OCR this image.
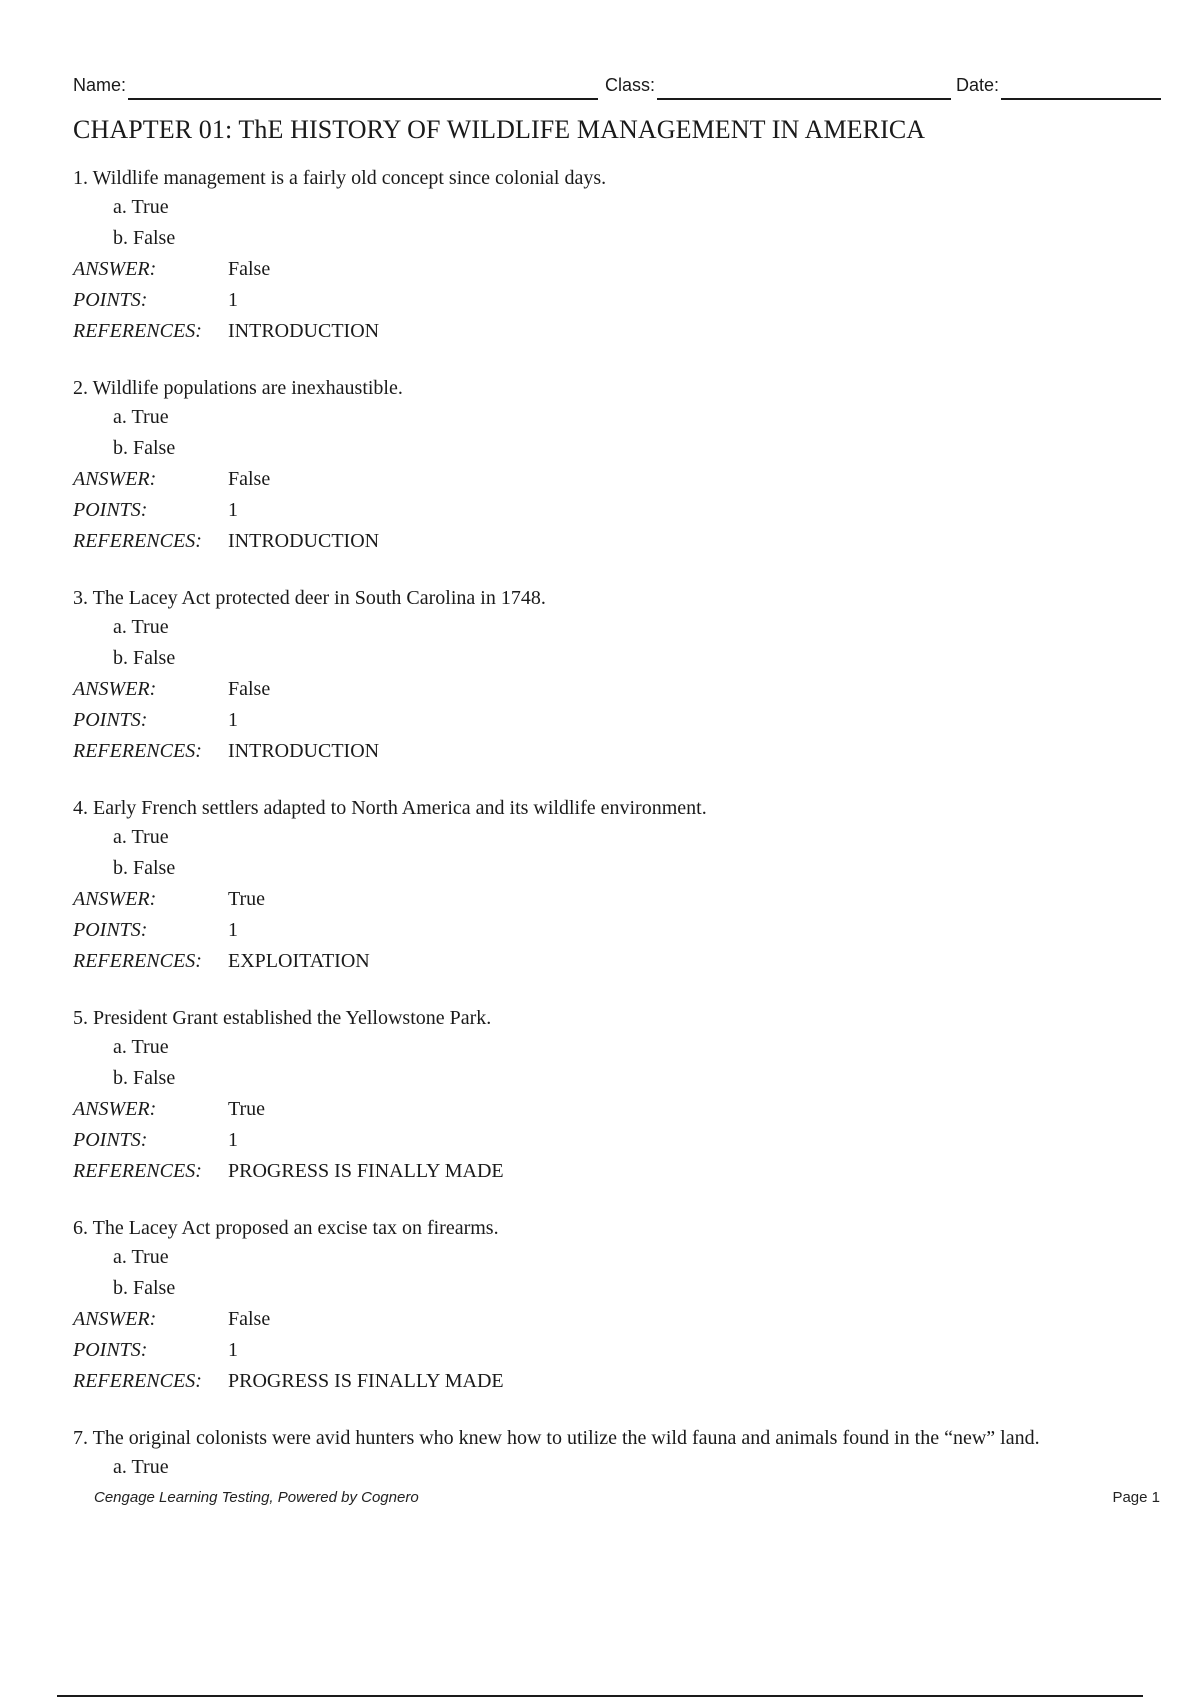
Name:	Class:	Date:
CHAPTER 01: ThE HISTORY OF WILDLIFE MANAGEMENT IN AMERICA
1. Wildlife management is a fairly old concept since colonial days.
a. True
b. False
ANSWER:	False
POINTS:	1
REFERENCES: INTRODUCTION
2. Wildlife populations are inexhaustible.
a. True
b. False
ANSWER:	False
POINTS:	1
REFERENCES: INTRODUCTION
3. The Lacey Act protected deer in South Carolina in 1748.
a. True
b. False
ANSWER:	False
POINTS:	1
REFERENCES: INTRODUCTION
4. Early French settlers adapted to North America and its wildlife environment.
a. True
b. False
ANSWER:	True
POINTS:	1
REFERENCES: EXPLOITATION
5. President Grant established the Yellowstone Park.
a. True
b. False
ANSWER:	True
POINTS:	1
REFERENCES: PROGRESS IS FINALLY MADE
6. The Lacey Act proposed an excise tax on firearms.
a. True
b. False
ANSWER:	False
POINTS:	1
REFERENCES: PROGRESS IS FINALLY MADE
7. The original colonists were avid hunters who knew how to utilize the wild fauna and animals found in the “new” land.
a. True
Cengage Learning Testing, Powered by Cognero	Page 1
